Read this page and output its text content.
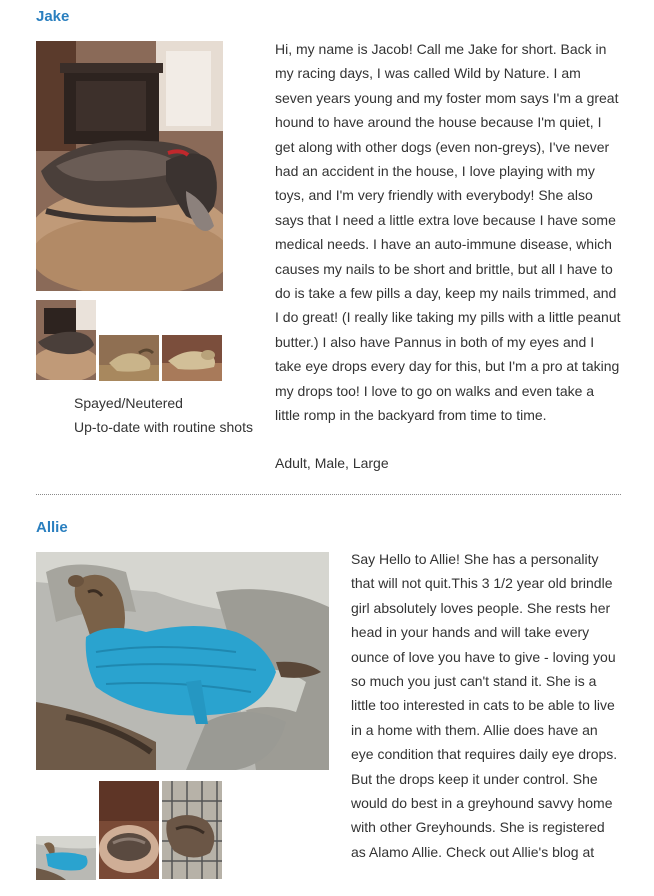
Jake

Spayed/Neutered

Up-to-date with routine shots

Hi, my name is Jacob! Call me Jake for short. Back in my racing days, I was called Wild by Nature. I am seven years young and my foster mom says I'm a great hound to have around the house because I'm quiet, I get along with other dogs (even non-greys), I've never had an accident in the house, I love playing with my toys, and I'm very friendly with everybody! She also says that I need a little extra love because I have some medical needs. I have an auto-immune disease, which causes my nails to be short and brittle, but all I have to do is take a few pills a day, keep my nails trimmed, and I do great! (I really like taking my pills with a little peanut butter.) I also have Pannus in both of my eyes and I take eye drops every day for this, but I'm a pro at taking my drops too! I love to go on walks and even take a little romp in the backyard from time to time.

Adult, Male, Large

Allie

Say Hello to Allie! She has a personality that will not quit.This 3 1/2 year old brindle girl absolutely loves people. She rests her head in your hands and will take every ounce of love you have to give - loving you so much you just can't stand it. She is a little too interested in cats to be able to live in a home with them. Allie does have an eye condition that requires daily eye drops. But the drops keep it under control. She would do best in a greyhound savvy home with other Greyhounds. She is registered as Alamo Allie. Check out Allie's blog at
